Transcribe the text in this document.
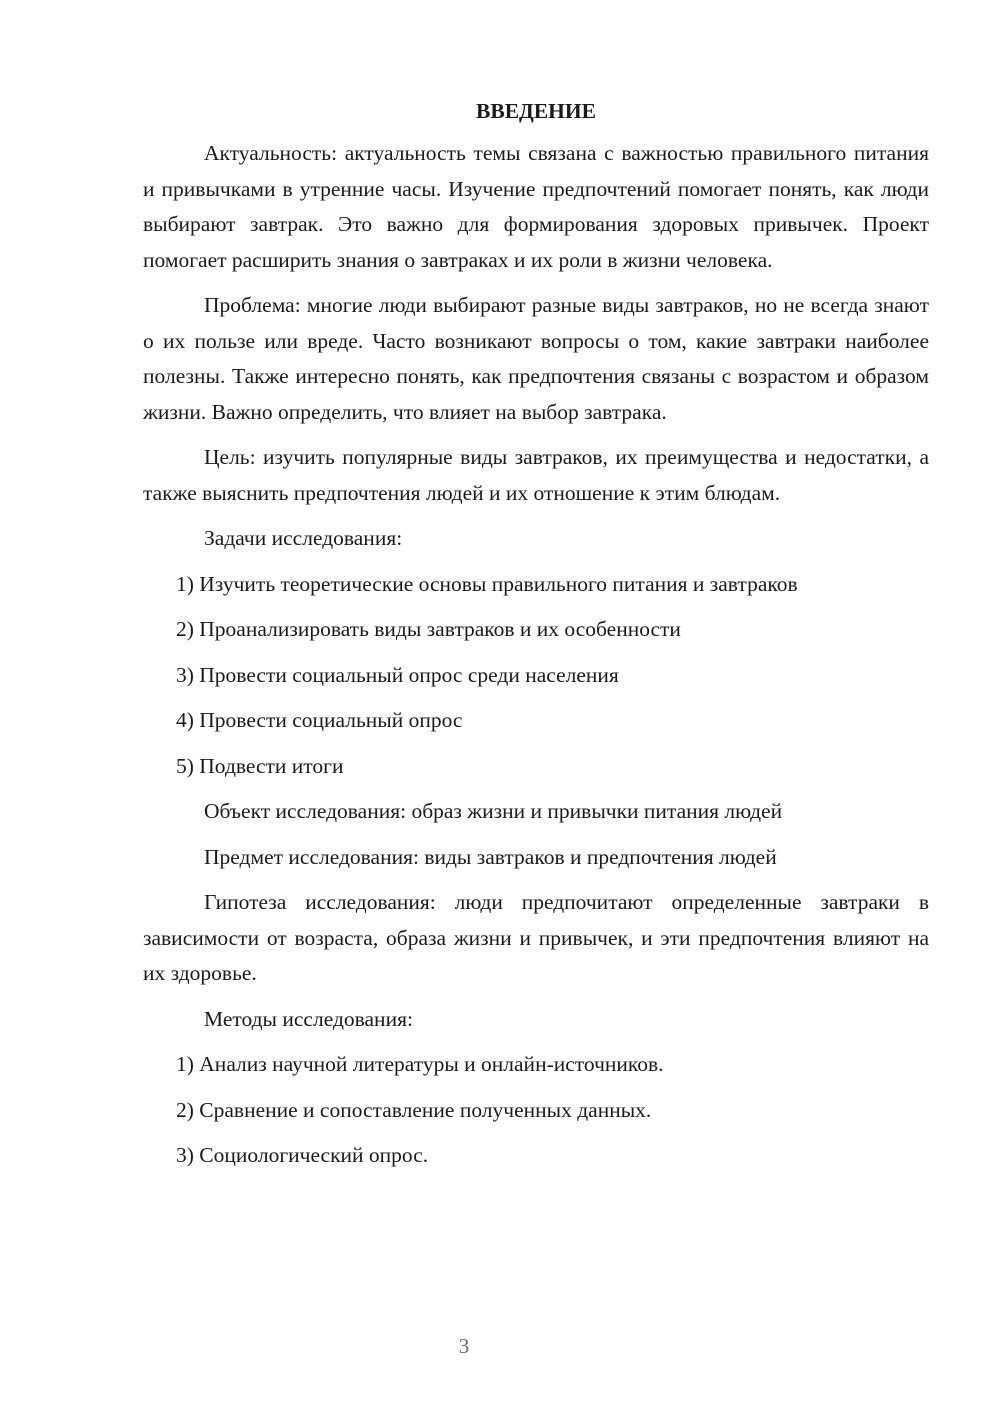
ВВЕДЕНИЕ

Актуальность: актуальность темы связана с важностью правильного питания и привычками в утренние часы. Изучение предпочтений помогает понять, как люди выбирают завтрак. Это важно для формирования здоровых привычек. Проект помогает расширить знания о завтраках и их роли в жизни человека.

Проблема: многие люди выбирают разные виды завтраков, но не всегда знают о их пользе или вреде. Часто возникают вопросы о том, какие завтраки наиболее полезны. Также интересно понять, как предпочтения связаны с возрастом и образом жизни. Важно определить, что влияет на выбор завтрака.

Цель: изучить популярные виды завтраков, их преимущества и недостатки, а также выяснить предпочтения людей и их отношение к этим блюдам.

Задачи исследования:

1) Изучить теоретические основы правильного питания и завтраков

2) Проанализировать виды завтраков и их особенности

3) Провести социальный опрос среди населения

4) Провести социальный опрос

5) Подвести итоги

Объект исследования: образ жизни и привычки питания людей

Предмет исследования: виды завтраков и предпочтения людей

Гипотеза исследования: люди предпочитают определенные завтраки в зависимости от возраста, образа жизни и привычек, и эти предпочтения влияют на их здоровье.

Методы исследования:

1) Анализ научной литературы и онлайн-источников.

2) Сравнение и сопоставление полученных данных.

3) Социологический опрос.

3
